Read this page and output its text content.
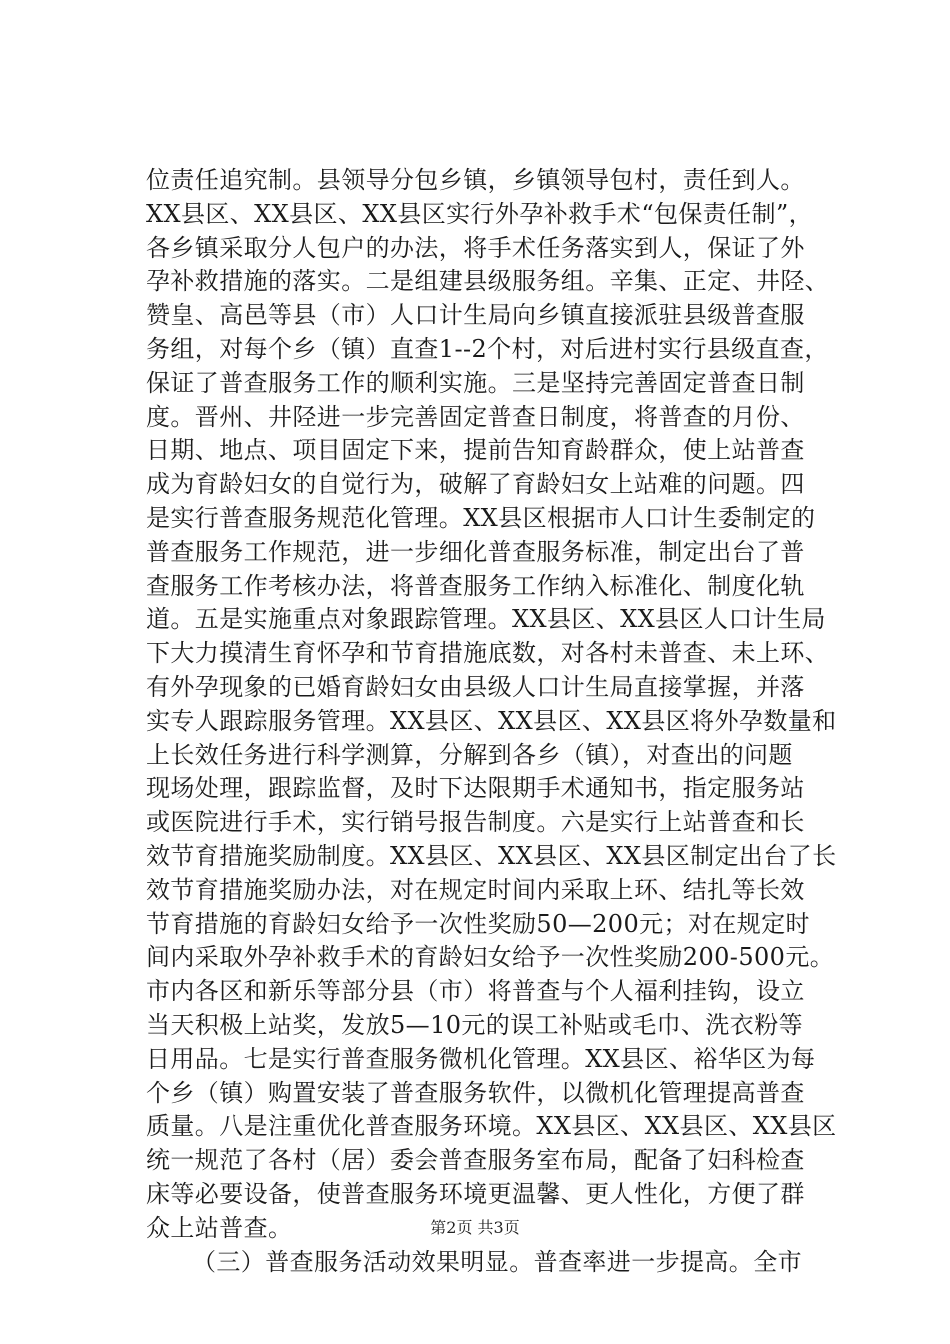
位责任追究制。县领导分包乡镇，乡镇领导包村，责任到人。
XX县区、XX县区、XX县区实行外孕补救手术“包保责任制”，
各乡镇采取分人包户的办法，将手术任务落实到人，保证了外
孕补救措施的落实。二是组建县级服务组。辛集、正定、井陉、
赞皇、高邑等县（市）人口计生局向乡镇直接派驻县级普查服
务组，对每个乡（镇）直查1--2个村，对后进村实行县级直查，
保证了普查服务工作的顺利实施。三是坚持完善固定普查日制
度。晋州、井陉进一步完善固定普查日制度，将普查的月份、
日期、地点、项目固定下来，提前告知育龄群众，使上站普查
成为育龄妇女的自觉行为，破解了育龄妇女上站难的问题。四
是实行普查服务规范化管理。XX县区根据市人口计生委制定的
普查服务工作规范，进一步细化普查服务标准，制定出台了普
查服务工作考核办法，将普查服务工作纳入标准化、制度化轨
道。五是实施重点对象跟踪管理。XX县区、XX县区人口计生局
下大力摸清生育怀孕和节育措施底数，对各村未普查、未上环、
有外孕现象的已婚育龄妇女由县级人口计生局直接掌握，并落
实专人跟踪服务管理。XX县区、XX县区、XX县区将外孕数量和
上长效任务进行科学测算，分解到各乡（镇），对查出的问题
现场处理，跟踪监督，及时下达限期手术通知书，指定服务站
或医院进行手术，实行销号报告制度。六是实行上站普查和长
效节育措施奖励制度。XX县区、XX县区、XX县区制定出台了长
效节育措施奖励办法，对在规定时间内采取上环、结扎等长效
节育措施的育龄妇女给予一次性奖励50—200元；对在规定时
间内采取外孕补救手术的育龄妇女给予一次性奖励200-500元。
市内各区和新乐等部分县（市）将普查与个人福利挂钩，设立
当天积极上站奖，发放5—10元的误工补贴或毛巾、洗衣粉等
日用品。七是实行普查服务微机化管理。XX县区、裕华区为每
个乡（镇）购置安装了普查服务软件，以微机化管理提高普查
质量。八是注重优化普查服务环境。XX县区、XX县区、XX县区
统一规范了各村（居）委会普查服务室布局，配备了妇科检查
床等必要设备，使普查服务环境更温馨、更人性化，方便了群
众上站普查。
（三）普查服务活动效果明显。普查率进一步提高。全市
第2页 共3页
